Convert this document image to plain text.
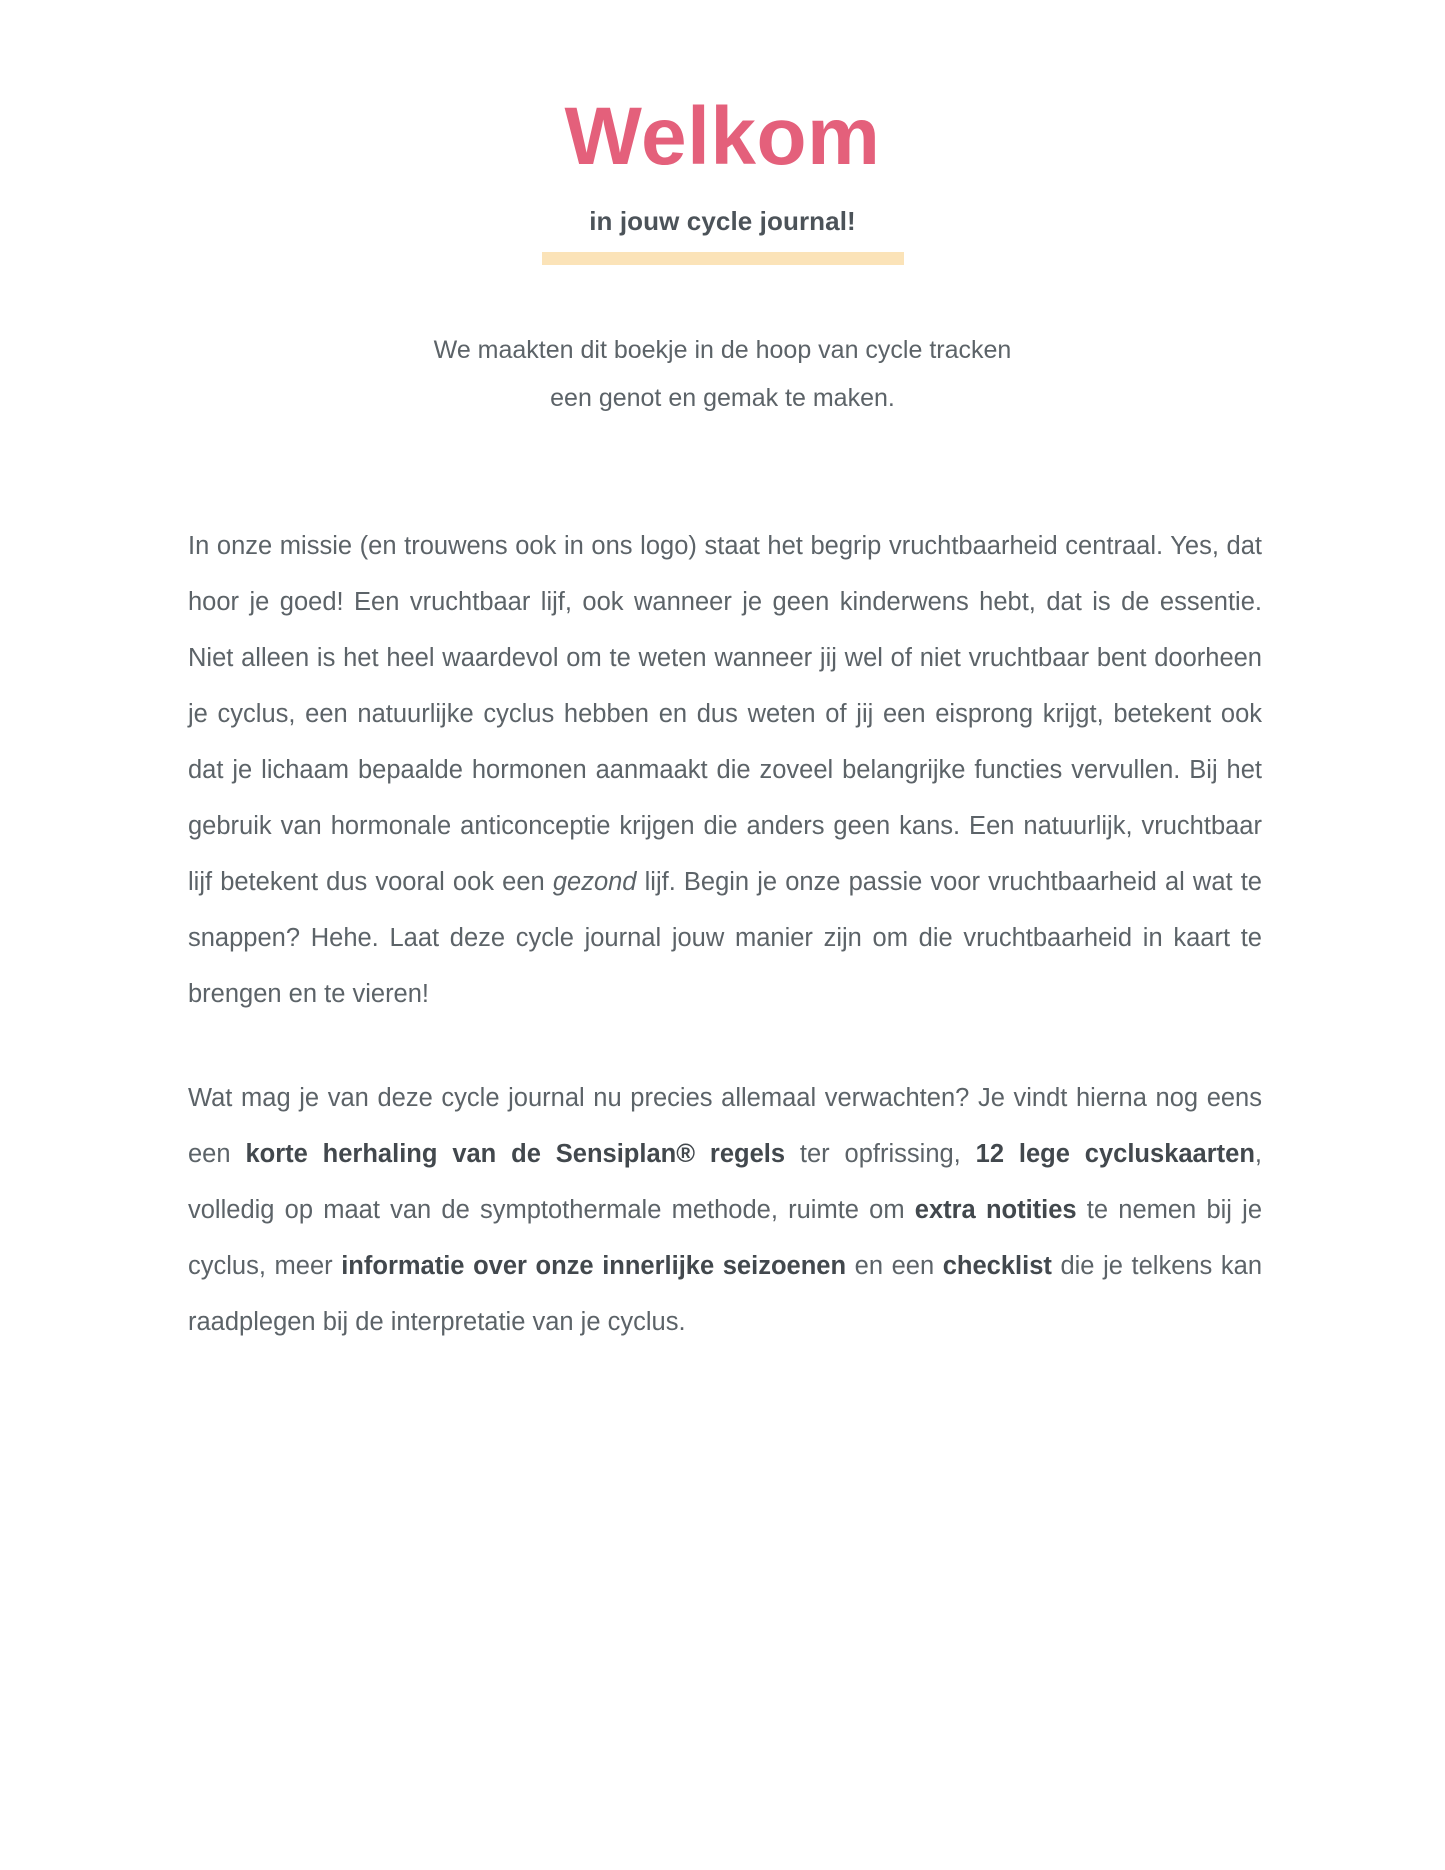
Welkom

in jouw cycle journal!

We maakten dit boekje in de hoop van cycle tracken
een genot en gemak te maken.

In onze missie (en trouwens ook in ons logo) staat het begrip vruchtbaarheid centraal. Yes, dat hoor je goed! Een vruchtbaar lijf, ook wanneer je geen kinderwens hebt, dat is de essentie. Niet alleen is het heel waardevol om te weten wanneer jij wel of niet vruchtbaar bent doorheen je cyclus, een natuurlijke cyclus hebben en dus weten of jij een eisprong krijgt, betekent ook dat je lichaam bepaalde hormonen aanmaakt die zoveel belangrijke functies vervullen. Bij het gebruik van hormonale anticonceptie krijgen die anders geen kans. Een natuurlijk, vruchtbaar lijf betekent dus vooral ook een gezond lijf. Begin je onze passie voor vruchtbaarheid al wat te snappen? Hehe. Laat deze cycle journal jouw manier zijn om die vruchtbaarheid in kaart te brengen en te vieren!

Wat mag je van deze cycle journal nu precies allemaal verwachten? Je vindt hierna nog eens een korte herhaling van de Sensiplan® regels ter opfrissing, 12 lege cycluskaarten, volledig op maat van de symptothermale methode, ruimte om extra notities te nemen bij je cyclus, meer informatie over onze innerlijke seizoenen en een checklist die je telkens kan raadplegen bij de interpretatie van je cyclus.
